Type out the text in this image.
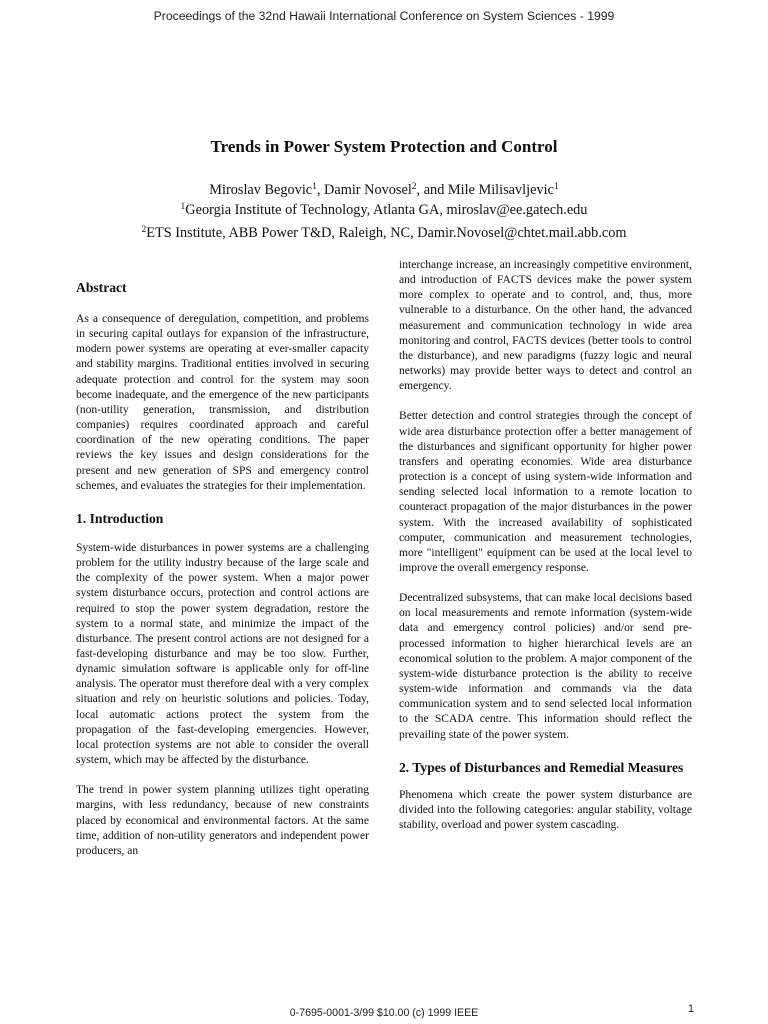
Proceedings of the 32nd Hawaii International Conference on System Sciences - 1999
Trends in Power System Protection and Control
Miroslav Begovic$^1$, Damir Novosel$^2$, and Mile Milisavljevic$^1$
$^1$Georgia Institute of Technology, Atlanta GA, miroslav@ee.gatech.edu
$^2$ETS Institute, ABB Power T&D, Raleigh, NC, Damir.Novosel@chtet.mail.abb.com
Abstract

As a consequence of deregulation, competition, and problems in securing capital outlays for expansion of the infrastructure, modern power systems are operating at ever-smaller capacity and stability margins. Traditional entities involved in securing adequate protection and control for the system may soon become inadequate, and the emergence of the new participants (non-utility generation, transmission, and distribution companies) requires coordinated approach and careful coordination of the new operating conditions. The paper reviews the key issues and design considerations for the present and new generation of SPS and emergency control schemes, and evaluates the strategies for their implementation.

1. Introduction

System-wide disturbances in power systems are a challenging problem for the utility industry because of the large scale and the complexity of the power system. When a major power system disturbance occurs, protection and control actions are required to stop the power system degradation, restore the system to a normal state, and minimize the impact of the disturbance. The present control actions are not designed for a fast-developing disturbance and may be too slow. Further, dynamic simulation software is applicable only for off-line analysis. The operator must therefore deal with a very complex situation and rely on heuristic solutions and policies. Today, local automatic actions protect the system from the propagation of the fast-developing emergencies. However, local protection systems are not able to consider the overall system, which may be affected by the disturbance.

The trend in power system planning utilizes tight operating margins, with less redundancy, because of new constraints placed by economical and environmental factors. At the same time, addition of non-utility generators and independent power producers, an

interchange increase, an increasingly competitive environment, and introduction of FACTS devices make the power system more complex to operate and to control, and, thus, more vulnerable to a disturbance. On the other hand, the advanced measurement and communication technology in wide area monitoring and control, FACTS devices (better tools to control the disturbance), and new paradigms (fuzzy logic and neural networks) may provide better ways to detect and control an emergency.

Better detection and control strategies through the concept of wide area disturbance protection offer a better management of the disturbances and significant opportunity for higher power transfers and operating economies. Wide area disturbance protection is a concept of using system-wide information and sending selected local information to a remote location to counteract propagation of the major disturbances in the power system. With the increased availability of sophisticated computer, communication and measurement technologies, more "intelligent" equipment can be used at the local level to improve the overall emergency response.

Decentralized subsystems, that can make local decisions based on local measurements and remote information (system-wide data and emergency control policies) and/or send pre-processed information to higher hierarchical levels are an economical solution to the problem. A major component of the system-wide disturbance protection is the ability to receive system-wide information and commands via the data communication system and to send selected local information to the SCADA centre. This information should reflect the prevailing state of the power system.

2. Types of Disturbances and Remedial Measures

Phenomena which create the power system disturbance are divided into the following categories: angular stability, voltage stability, overload and power system cascading.

0-7695-0001-3/99 $10.00 (c) 1999 IEEE	1
